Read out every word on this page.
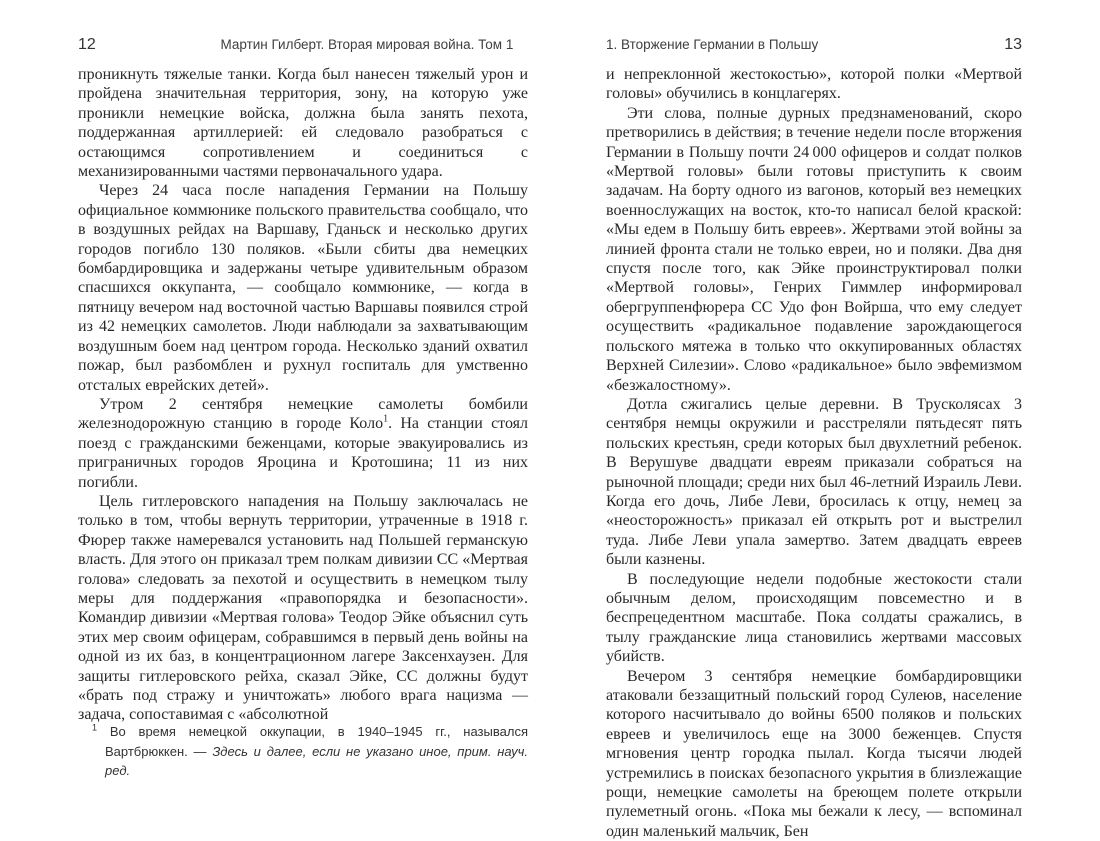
12	Мартин Гилберт. Вторая мировая война. Том 1

проникнуть тяжелые танки. Когда был нанесен тяжелый урон и пройдена значительная территория, зону, на которую уже проникли немецкие войска, должна была занять пехота, поддержанная артиллерией: ей следовало разобраться с остающимся сопротивлением и соединиться с механизированными частями первоначального удара.

Через 24 часа после нападения Германии на Польшу официальное коммюнике польского правительства сообщало, что в воздушных рейдах на Варшаву, Гданьск и несколько других городов погибло 130 поляков. «Были сбиты два немецких бомбардировщика и задержаны четыре удивительным образом спасшихся оккупанта, — сообщало коммюнике, — когда в пятницу вечером над восточной частью Варшавы появился строй из 42 немецких самолетов. Люди наблюдали за захватывающим воздушным боем над центром города. Несколько зданий охватил пожар, был разбомблен и рухнул госпиталь для умственно отсталых еврейских детей».

Утром 2 сентября немецкие самолеты бомбили железнодорожную станцию в городе Коло$^1$. На станции стоял поезд с гражданскими беженцами, которые эвакуировались из приграничных городов Яроцина и Кротошина; 11 из них погибли.

Цель гитлеровского нападения на Польшу заключалась не только в том, чтобы вернуть территории, утраченные в 1918 г. Фюрер также намеревался установить над Польшей германскую власть. Для этого он приказал трем полкам дивизии СС «Мертвая голова» следовать за пехотой и осуществить в немецком тылу меры для поддержания «правопорядка и безопасности». Командир дивизии «Мертвая голова» Теодор Эйке объяснил суть этих мер своим офицерам, собравшимся в первый день войны на одной из их баз, в концентрационном лагере Заксенхаузен. Для защиты гитлеровского рейха, сказал Эйке, СС должны будут «брать под стражу и уничтожать» любого врага нацизма — задача, сопоставимая с «абсолютной

$^1$ Во время немецкой оккупации, в 1940–1945 гг., назывался Вартбрюккен. — Здесь и далее, если не указано иное, прим. науч. ред.
1. Вторжение Германии в Польшу	13

и непреклонной жестокостью», которой полки «Мертвой головы» обучились в концлагерях.

Эти слова, полные дурных предзнаменований, скоро претворились в действия; в течение недели после вторжения Германии в Польшу почти 24 000 офицеров и солдат полков «Мертвой головы» были готовы приступить к своим задачам. На борту одного из вагонов, который вез немецких военнослужащих на восток, кто-то написал белой краской: «Мы едем в Польшу бить евреев». Жертвами этой войны за линией фронта стали не только евреи, но и поляки. Два дня спустя после того, как Эйке проинструктировал полки «Мертвой головы», Генрих Гиммлер информировал обергруппенфюрера СС Удо фон Войрша, что ему следует осуществить «радикальное подавление зарождающегося польского мятежа в только что оккупированных областях Верхней Силезии». Слово «радикальное» было эвфемизмом «безжалостному».

Дотла сжигались целые деревни. В Трусколясах 3 сентября немцы окружили и расстреляли пятьдесят пять польских крестьян, среди которых был двухлетний ребенок. В Верушуве двадцати евреям приказали собраться на рыночной площади; среди них был 46-летний Израиль Леви. Когда его дочь, Либе Леви, бросилась к отцу, немец за «неосторожность» приказал ей открыть рот и выстрелил туда. Либе Леви упала замертво. Затем двадцать евреев были казнены.

В последующие недели подобные жестокости стали обычным делом, происходящим повсеместно и в беспрецедентном масштабе. Пока солдаты сражались, в тылу гражданские лица становились жертвами массовых убийств.

Вечером 3 сентября немецкие бомбардировщики атаковали беззащитный польский город Сулеюв, население которого насчитывало до войны 6500 поляков и польских евреев и увеличилось еще на 3000 беженцев. Спустя мгновения центр городка пылал. Когда тысячи людей устремились в поисках безопасного укрытия в близлежащие рощи, немецкие самолеты на бреющем полете открыли пулеметный огонь. «Пока мы бежали к лесу, — вспоминал один маленький мальчик, Бен
